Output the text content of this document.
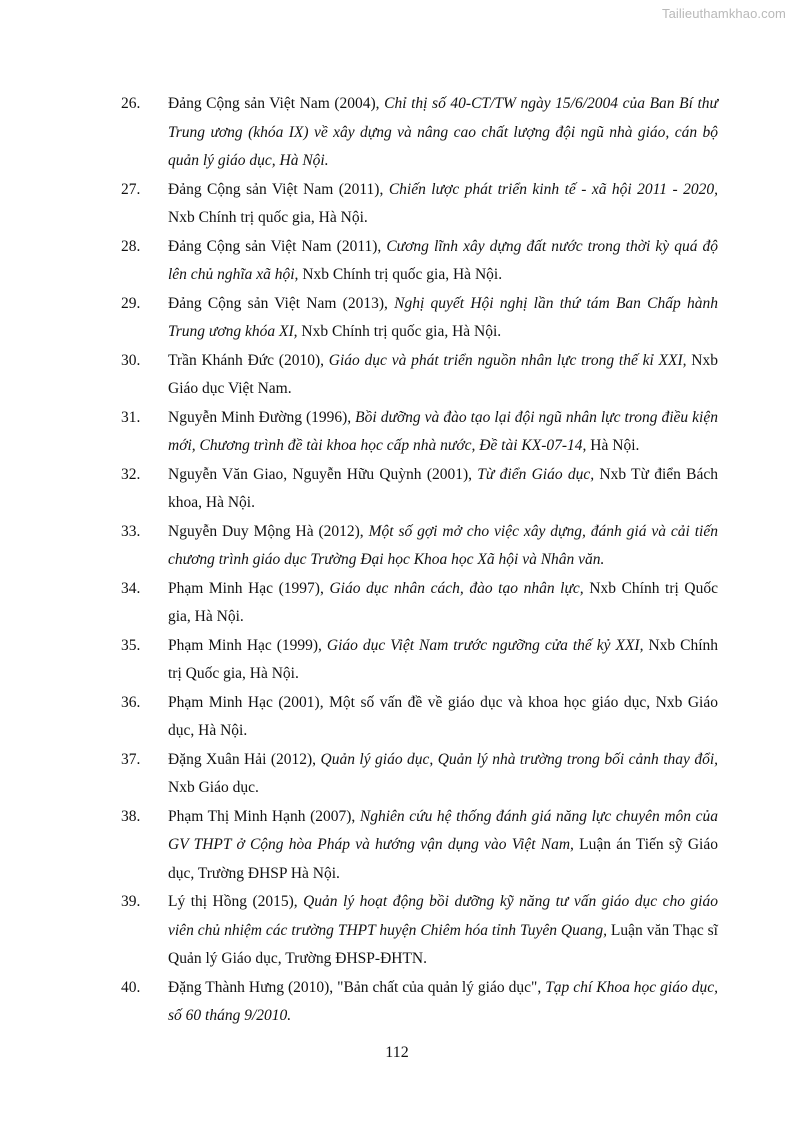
Tailieuthamkhao.com
26.	Đảng Cộng sản Việt Nam (2004), Chỉ thị số 40-CT/TW ngày 15/6/2004 của Ban Bí thư Trung ương (khóa IX) về xây dựng và nâng cao chất lượng đội ngũ nhà giáo, cán bộ quản lý giáo dục, Hà Nội.
27.	Đảng Cộng sản Việt Nam (2011), Chiến lược phát triển kinh tế - xã hội 2011 - 2020, Nxb Chính trị quốc gia, Hà Nội.
28.	Đảng Cộng sản Việt Nam (2011), Cương lĩnh xây dựng đất nước trong thời kỳ quá độ lên chủ nghĩa xã hội, Nxb Chính trị quốc gia, Hà Nội.
29.	Đảng Cộng sản Việt Nam (2013), Nghị quyết Hội nghị lần thứ tám Ban Chấp hành Trung ương khóa XI, Nxb Chính trị quốc gia, Hà Nội.
30.	Trần Khánh Đức (2010), Giáo dục và phát triển nguồn nhân lực trong thế kỉ XXI, Nxb Giáo dục Việt Nam.
31.	Nguyễn Minh Đường (1996), Bồi dưỡng và đào tạo lại đội ngũ nhân lực trong điều kiện mới, Chương trình đề tài khoa học cấp nhà nước, Đề tài KX-07-14, Hà Nội.
32.	Nguyễn Văn Giao, Nguyễn Hữu Quỳnh (2001), Từ điển Giáo dục, Nxb Từ điển Bách khoa, Hà Nội.
33.	Nguyễn Duy Mộng Hà (2012), Một số gợi mở cho việc xây dựng, đánh giá và cải tiến chương trình giáo dục Trường Đại học Khoa học Xã hội và Nhân văn.
34.	Phạm Minh Hạc (1997), Giáo dục nhân cách, đào tạo nhân lực, Nxb Chính trị Quốc gia, Hà Nội.
35.	Phạm Minh Hạc (1999), Giáo dục Việt Nam trước ngưỡng cửa thế kỷ XXI, Nxb Chính trị Quốc gia, Hà Nội.
36.	Phạm Minh Hạc (2001), Một số vấn đề về giáo dục và khoa học giáo dục, Nxb Giáo dục, Hà Nội.
37.	Đặng Xuân Hải (2012), Quản lý giáo dục, Quản lý nhà trường trong bối cảnh thay đổi, Nxb Giáo dục.
38.	Phạm Thị Minh Hạnh (2007), Nghiên cứu hệ thống đánh giá năng lực chuyên môn của GV THPT ở Cộng hòa Pháp và hướng vận dụng vào Việt Nam, Luận án Tiến sỹ Giáo dục, Trường ĐHSP Hà Nội.
39.	Lý thị Hồng (2015), Quản lý hoạt động bồi dưỡng kỹ năng tư vấn giáo dục cho giáo viên chủ nhiệm các trường THPT huyện Chiêm hóa tỉnh Tuyên Quang, Luận văn Thạc sĩ Quản lý Giáo dục, Trường ĐHSP-ĐHTN.
40.	Đặng Thành Hưng (2010), "Bản chất của quản lý giáo dục", Tạp chí Khoa học giáo dục, số 60 tháng 9/2010.
112
